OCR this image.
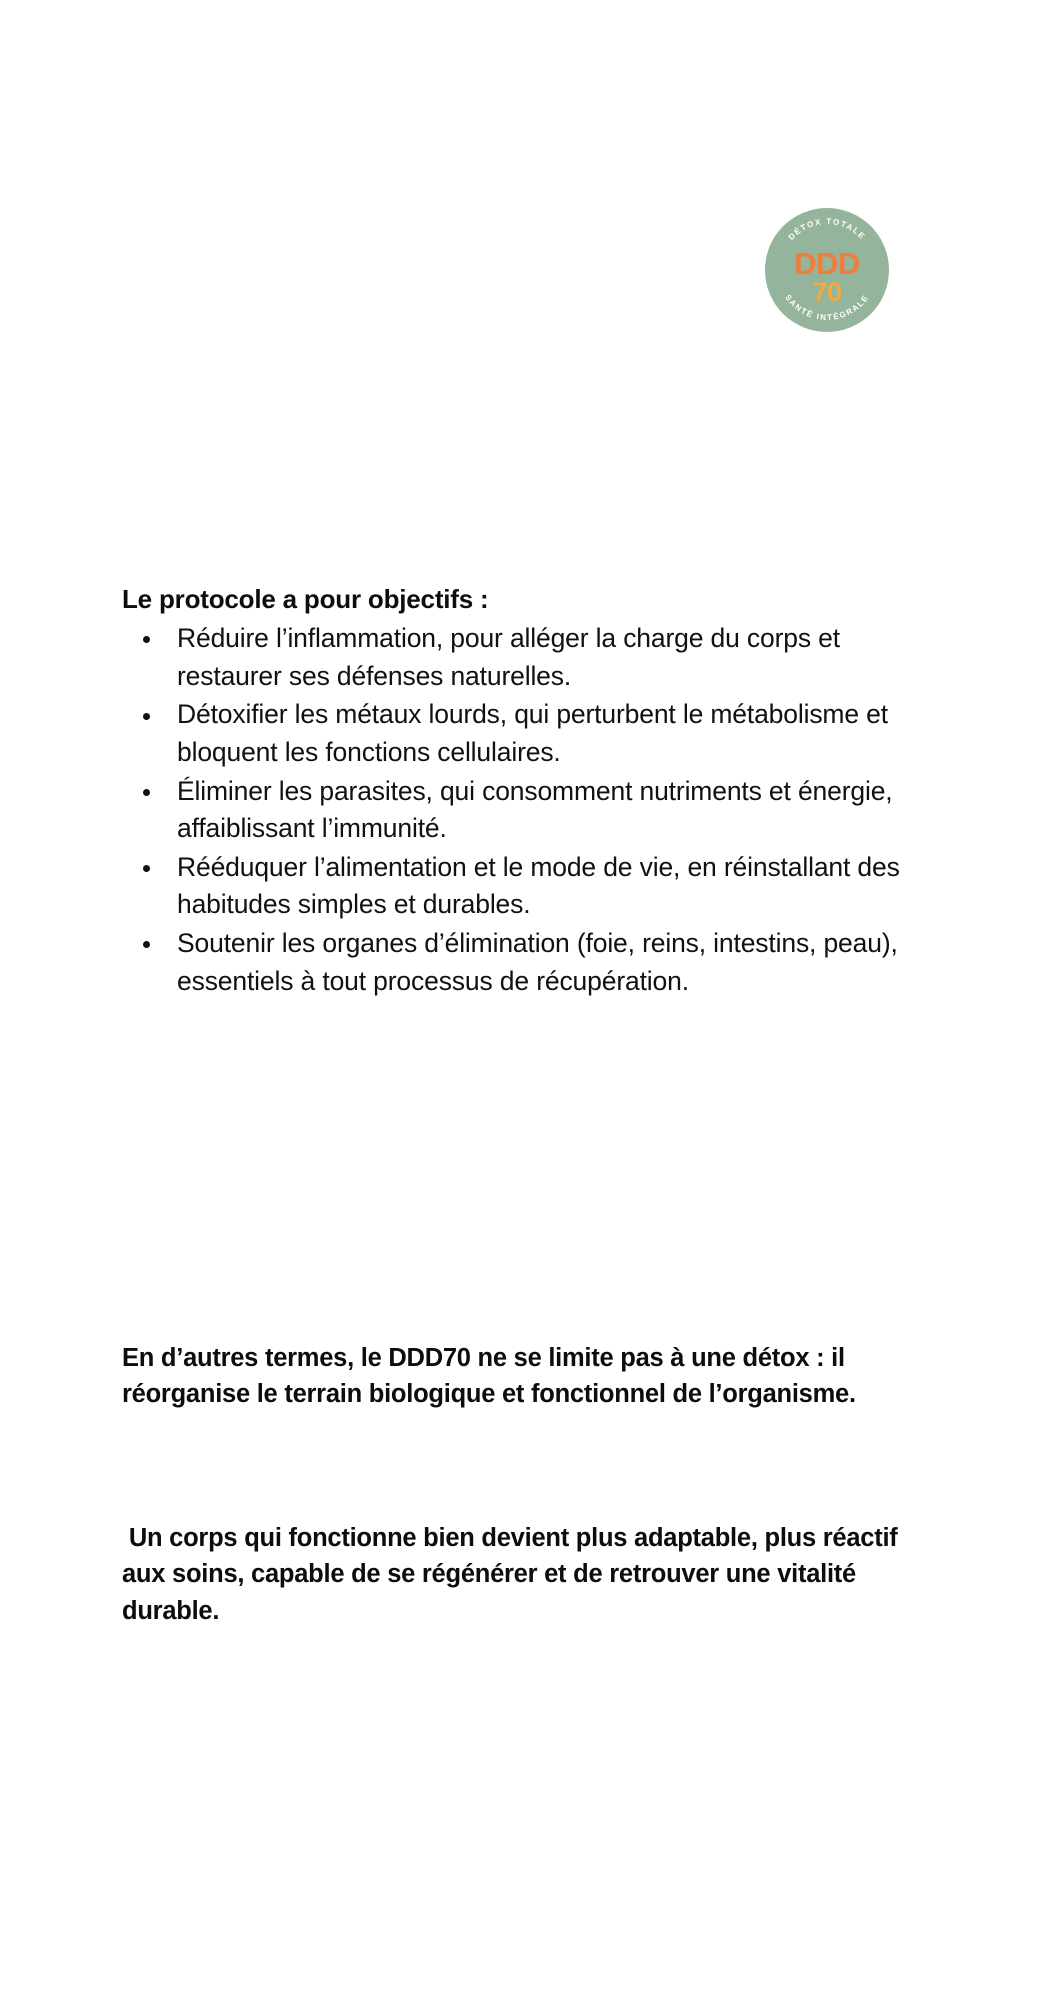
DÉTOX TOTALE
SANTÉ INTÉGRALE
DDD
70
Le protocole a pour objectifs :
Réduire l’inflammation, pour alléger la charge du corps et restaurer ses défenses naturelles.
Détoxifier les métaux lourds, qui perturbent le métabolisme et bloquent les fonctions cellulaires.
Éliminer les parasites, qui consomment nutriments et énergie, affaiblissant l’immunité.
Rééduquer l’alimentation et le mode de vie, en réinstallant des habitudes simples et durables.
Soutenir les organes d’élimination (foie, reins, intestins, peau), essentiels à tout processus de récupération.
En d’autres termes, le DDD70 ne se limite pas à une détox : il réorganise le terrain biologique et fonctionnel de l’organisme.
Un corps qui fonctionne bien devient plus adaptable, plus réactif aux soins, capable de se régénérer et de retrouver une vitalité durable.
